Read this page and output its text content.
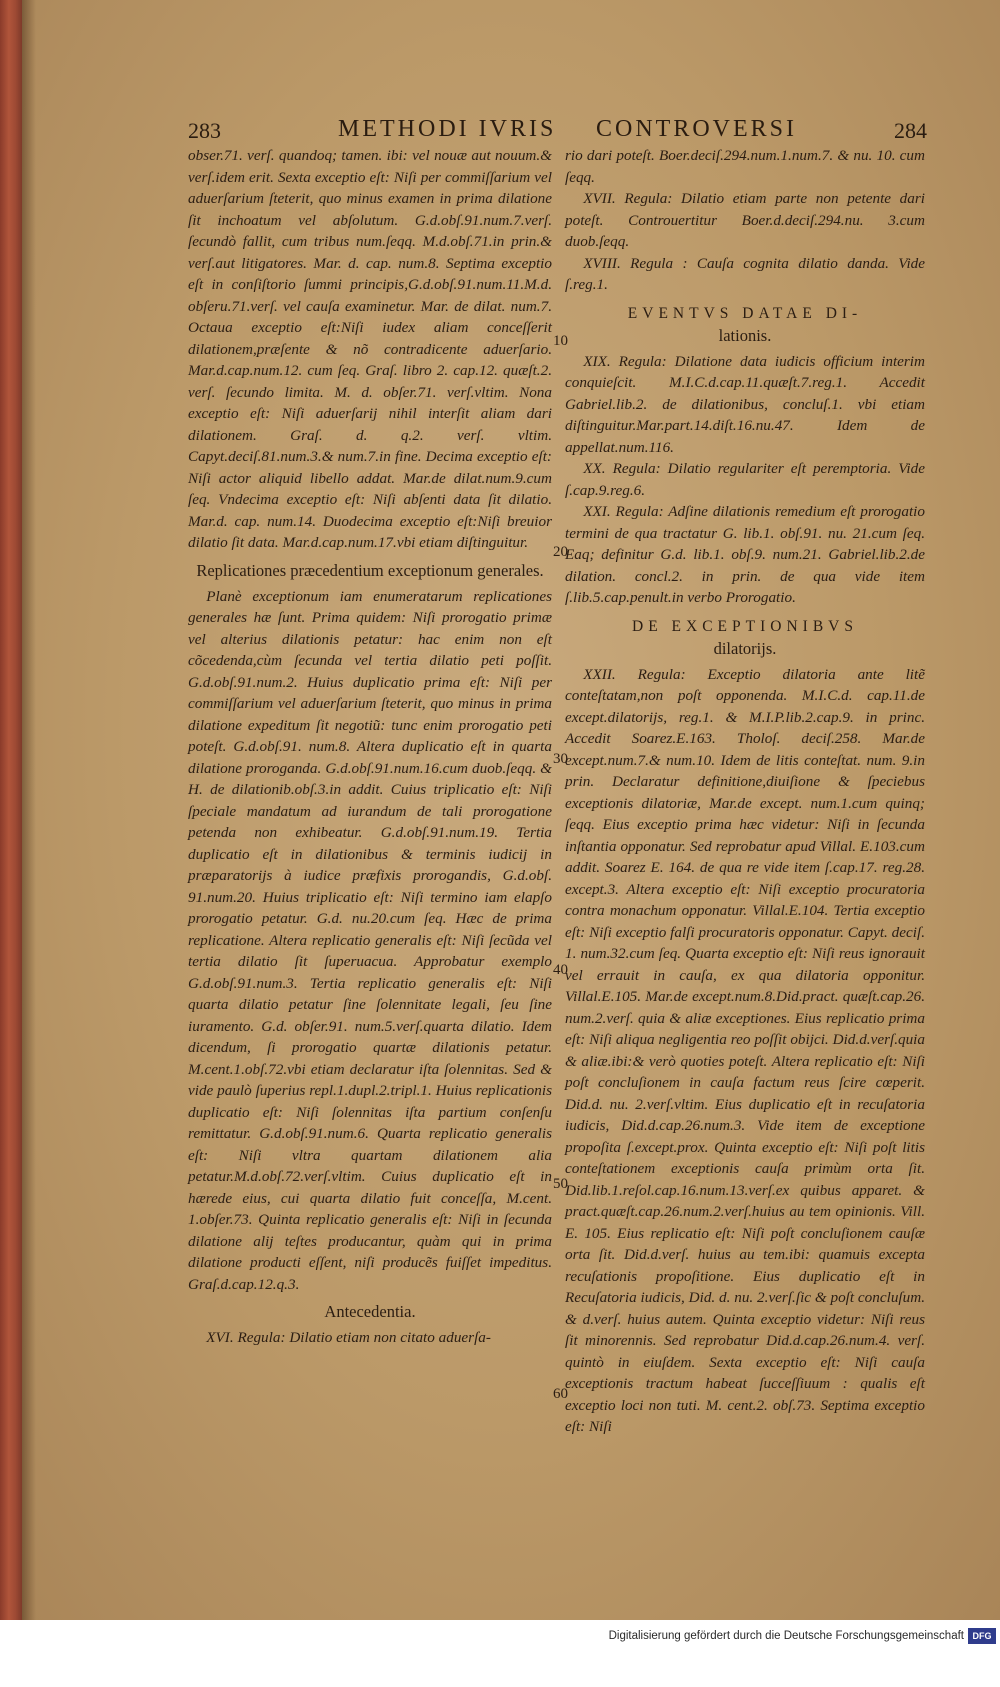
283	METHODI IVRIS CONTROVERSI	284

obser.71. verſ. quandoq; tamen. ibi: vel nouæ aut nouum.& verſ.idem erit. Sexta exceptio eſt: Niſi per commiſſarium vel aduerſarium ſteterit, quo minus examen in prima dilatione ſit inchoatum vel abſolutum. G.d.obſ.91.num.7.verſ. ſecundò fallit, cum tribus num.ſeqq. M.d.obſ.71.in prin.& verſ.aut litigatores. Mar. d. cap. num.8. Septima exceptio eſt in conſiſtorio ſummi principis,G.d.obſ.91.num.11.M.d. obſeru.71.verſ. vel cauſa examinetur. Mar. de dilat. num.7. Octaua exceptio eſt:Niſi iudex aliam conceſſerit dilationem,præſente & nõ contradicente aduerſario. Mar.d.cap.num.12. cum ſeq. Graſ. libro 2. cap.12. quæſt.2. verſ. ſecundo limita. M. d. obſer.71. verſ.vltim. Nona exceptio eſt: Niſi aduerſarij nihil interſit aliam dari dilationem. Graſ. d. q.2. verſ. vltim. Capyt.deciſ.81.num.3.& num.7.in fine. Decima exceptio eſt: Niſi actor aliquid libello addat. Mar.de dilat.num.9.cum ſeq. Vndecima exceptio eſt: Niſi abſenti data ſit dilatio. Mar.d. cap. num.14. Duodecima exceptio eſt:Niſi breuior dilatio ſit data. Mar.d.cap.num.17.vbi etiam diſtinguitur.

Replicationes præcedentium exceptionum generales.

Planè exceptionum iam enumeratarum replicationes generales hæ ſunt. Prima quidem: Niſi prorogatio primæ vel alterius dilationis petatur: hac enim non eſt cõcedenda,cùm ſecunda vel tertia dilatio peti poſſit. G.d.obſ.91.num.2. Huius duplicatio prima eſt: Niſi per commiſſarium vel aduerſarium ſteterit, quo minus in prima dilatione expeditum ſit negotiũ: tunc enim prorogatio peti poteſt. G.d.obſ.91. num.8. Altera duplicatio eſt in quarta dilatione proroganda. G.d.obſ.91.num.16.cum duob.ſeqq. & H. de dilationib.obſ.3.in addit. Cuius triplicatio eſt: Niſi ſpeciale mandatum ad iurandum de tali prorogatione petenda non exhibeatur. G.d.obſ.91.num.19. Tertia duplicatio eſt in dilationibus & terminis iudicij in præparatorijs à iudice præfixis prorogandis, G.d.obſ. 91.num.20. Huius triplicatio eſt: Niſi termino iam elapſo prorogatio petatur. G.d. nu.20.cum ſeq. Hæc de prima replicatione. Altera replicatio generalis eſt: Niſi ſecũda vel tertia dilatio ſit ſuperuacua. Approbatur exemplo G.d.obſ.91.num.3. Tertia replicatio generalis eſt: Niſi quarta dilatio petatur ſine ſolennitate legali, ſeu ſine iuramento. G.d. obſer.91. num.5.verſ.quarta dilatio. Idem dicendum, ſi prorogatio quartæ dilationis petatur. M.cent.1.obſ.72.vbi etiam declaratur iſta ſolennitas. Sed & vide paulò ſuperius repl.1.dupl.2.tripl.1. Huius replicationis duplicatio eſt: Niſi ſolennitas iſta partium conſenſu remittatur. G.d.obſ.91.num.6. Quarta replicatio generalis eſt: Niſi vltra quartam dilationem alia petatur.M.d.obſ.72.verſ.vltim. Cuius duplicatio eſt in hærede eius, cui quarta dilatio fuit conceſſa, M.cent. 1.obſer.73. Quinta replicatio generalis eſt: Niſi in ſecunda dilatione alij teſtes producantur, quàm qui in prima dilatione producti eſſent, niſi producẽs fuiſſet impeditus. Graſ.d.cap.12.q.3.

Antecedentia.

XVI. Regula: Dilatio etiam non citato aduerſa-

rio dari poteſt. Boer.deciſ.294.num.1.num.7. & nu. 10. cum ſeqq.

XVII. Regula: Dilatio etiam parte non petente dari poteſt. Controuertitur Boer.d.deciſ.294.nu. 3.cum duob.ſeqq.

XVIII. Regula : Cauſa cognita dilatio danda. Vide ſ.reg.1.

EVENTVS DATAE DI-
lationis.

XIX. Regula: Dilatione data iudicis officium interim conquieſcit. M.I.C.d.cap.11.quæſt.7.reg.1. Accedit Gabriel.lib.2. de dilationibus, concluſ.1. vbi etiam diſtinguitur.Mar.part.14.diſt.16.nu.47. Idem de appellat.num.116.

XX. Regula: Dilatio regulariter eſt peremptoria. Vide ſ.cap.9.reg.6.

XXI. Regula: Adſine dilationis remedium eſt prorogatio termini de qua tractatur G. lib.1. obſ.91. nu. 21.cum ſeq. Eaq; definitur G.d. lib.1. obſ.9. num.21. Gabriel.lib.2.de dilation. concl.2. in prin. de qua vide item ſ.lib.5.cap.penult.in verbo Prorogatio.

DE EXCEPTIONIBVS
dilatorijs.

XXII. Regula: Exceptio dilatoria ante litẽ conteſtatam,non poſt opponenda. M.I.C.d. cap.11.de except.dilatorijs, reg.1. & M.I.P.lib.2.cap.9. in princ. Accedit Soarez.E.163. Tholoſ. deciſ.258. Mar.de except.num.7.& num.10. Idem de litis conteſtat. num. 9.in prin. Declaratur definitione,diuiſione & ſpeciebus exceptionis dilatoriæ, Mar.de except. num.1.cum quinq; ſeqq. Eius exceptio prima hæc videtur: Niſi in ſecunda inſtantia opponatur. Sed reprobatur apud Villal. E.103.cum addit. Soarez E. 164. de qua re vide item ſ.cap.17. reg.28. except.3. Altera exceptio eſt: Niſi exceptio procuratoria contra monachum opponatur. Villal.E.104. Tertia exceptio eſt: Niſi exceptio falſi procuratoris opponatur. Capyt. deciſ. 1. num.32.cum ſeq. Quarta exceptio eſt: Niſi reus ignorauit vel errauit in cauſa, ex qua dilatoria opponitur. Villal.E.105. Mar.de except.num.8.Did.pract. quæſt.cap.26. num.2.verſ. quia & aliæ exceptiones. Eius replicatio prima eſt: Niſi aliqua negligentia reo poſſit obijci. Did.d.verſ.quia & aliæ.ibi:& verò quoties poteſt. Altera replicatio eſt: Niſi poſt concluſionem in cauſa factum reus ſcire cœperit. Did.d. nu. 2.verſ.vltim. Eius duplicatio eſt in recuſatoria iudicis, Did.d.cap.26.num.3. Vide item de exceptione propoſita ſ.except.prox. Quinta exceptio eſt: Niſi poſt litis conteſtationem exceptionis cauſa primùm orta ſit. Did.lib.1.reſol.cap.16.num.13.verſ.ex quibus apparet. & pract.quæſt.cap.26.num.2.verſ.huius au tem opinionis. Vill. E. 105. Eius replicatio eſt: Niſi poſt concluſionem cauſæ orta ſit. Did.d.verſ. huius au tem.ibi: quamuis excepta recuſationis propoſitione. Eius duplicatio eſt in Recuſatoria iudicis, Did. d. nu. 2.verſ.ſic & poſt concluſum. & d.verſ. huius autem. Quinta exceptio videtur: Niſi reus ſit minorennis. Sed reprobatur Did.d.cap.26.num.4. verſ. quintò in eiuſdem. Sexta exceptio eſt: Niſi cauſa exceptionis tractum habeat ſucceſſiuum : qualis eſt exceptio loci non tuti. M. cent.2. obſ.73. Septima exceptio eſt: Niſi

10
20
30
40
50
60
Digitalisierung gefördert durch die Deutsche Forschungsgemeinschaft DFG
